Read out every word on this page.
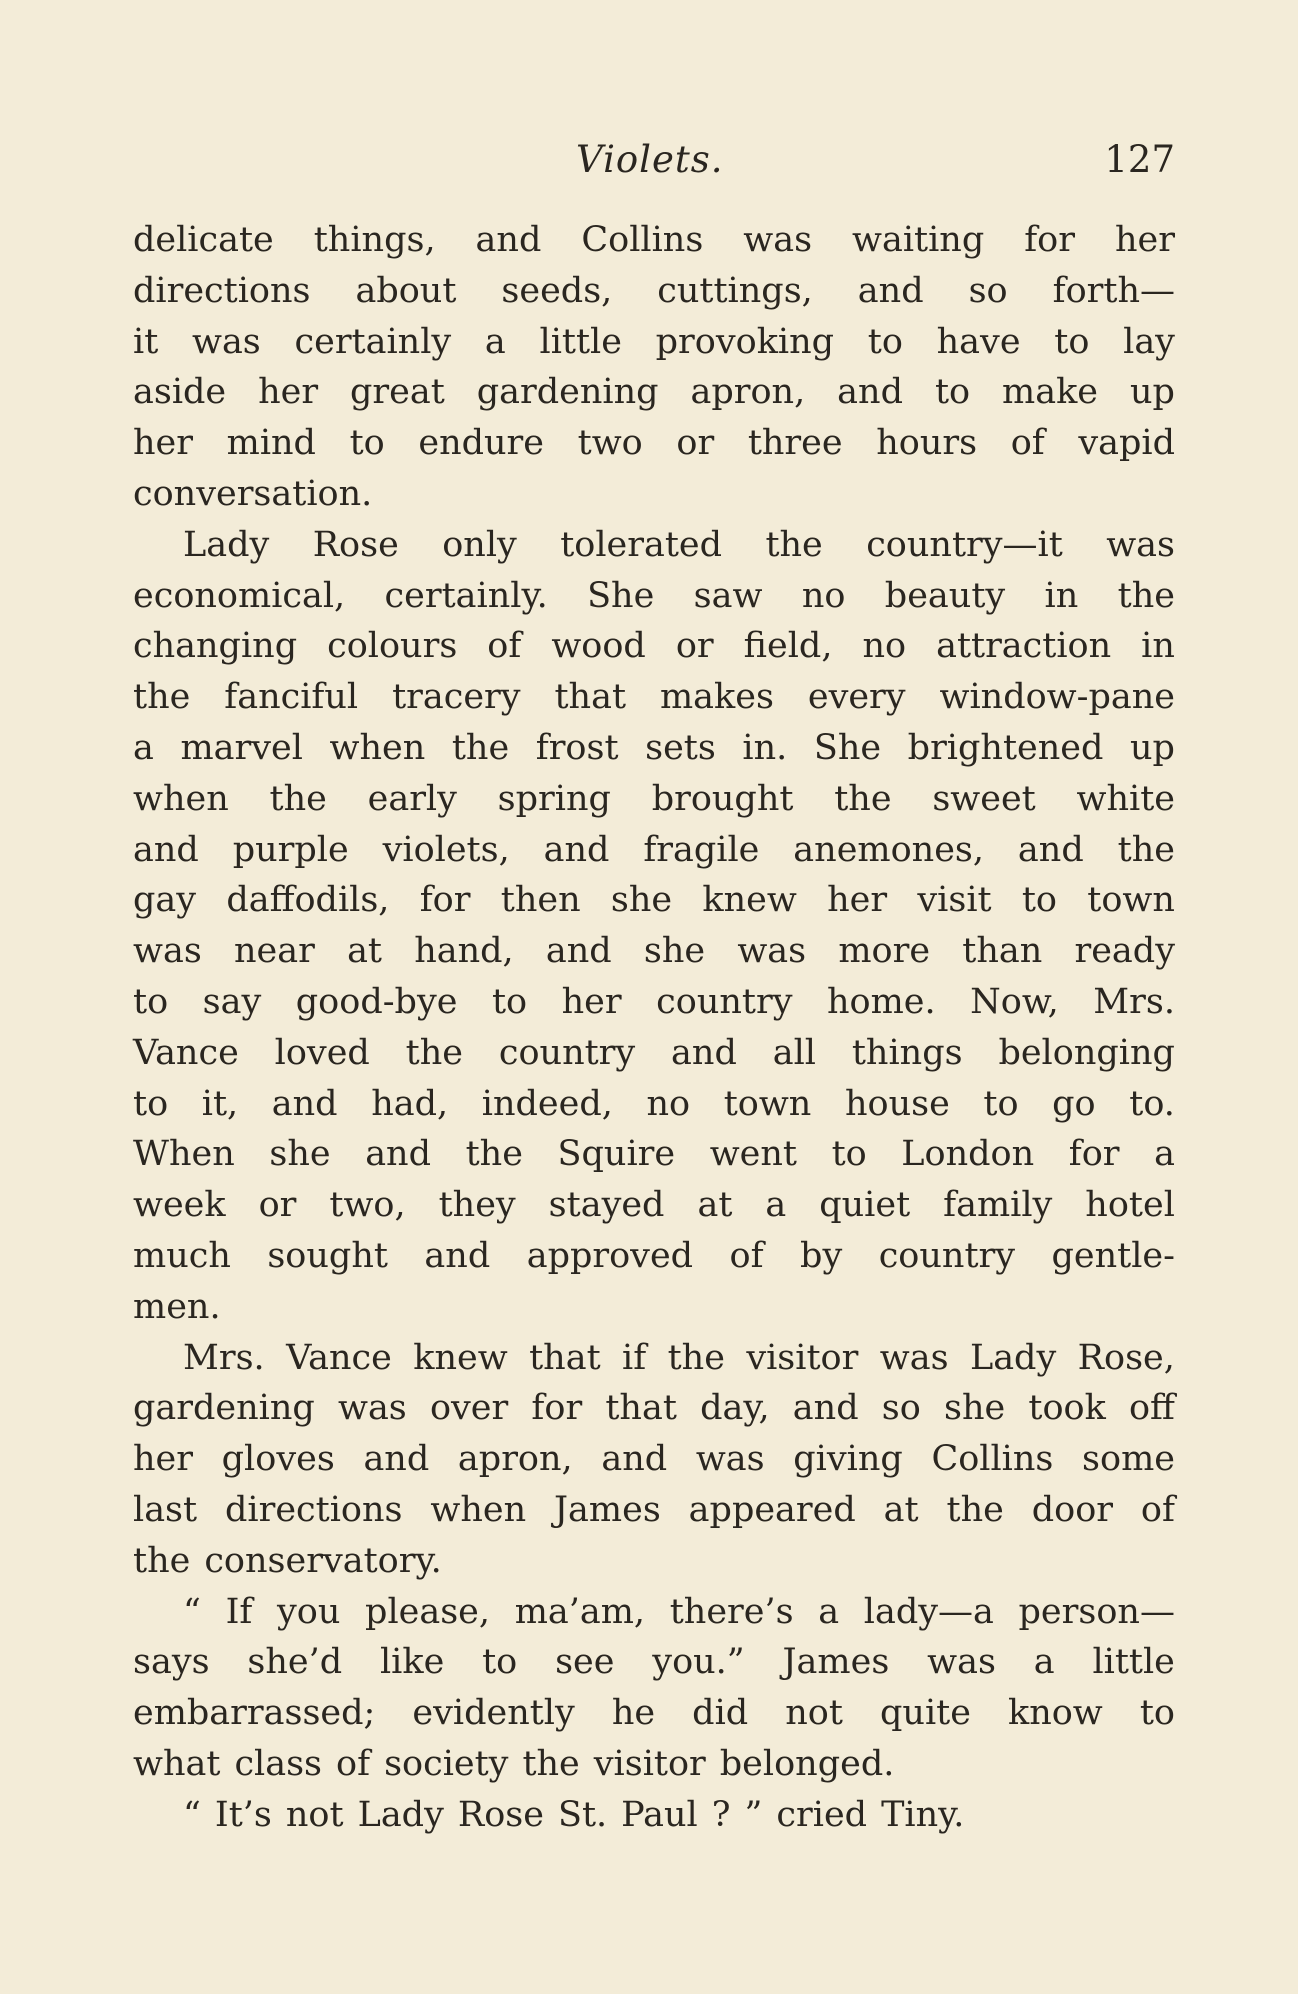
Violets.	127
delicate things, and Collins was waiting for her
directions about seeds, cuttings, and so forth—
it was certainly a little provoking to have to lay
aside her great gardening apron, and to make up
her mind to endure two or three hours of vapid
conversation.
Lady Rose only tolerated the country—it was
economical, certainly. She saw no beauty in the
changing colours of wood or field, no attraction in
the fanciful tracery that makes every window-pane
a marvel when the frost sets in. She brightened up
when the early spring brought the sweet white
and purple violets, and fragile anemones, and the
gay daffodils, for then she knew her visit to town
was near at hand, and she was more than ready
to say good-bye to her country home. Now, Mrs.
Vance loved the country and all things belonging
to it, and had, indeed, no town house to go to.
When she and the Squire went to London for a
week or two, they stayed at a quiet family hotel
much sought and approved of by country gentle-
men.
Mrs. Vance knew that if the visitor was Lady Rose,
gardening was over for that day, and so she took off
her gloves and apron, and was giving Collins some
last directions when James appeared at the door of
the conservatory.
“ If you please, ma’am, there’s a lady—a person—
says she’d like to see you.” James was a little
embarrassed; evidently he did not quite know to
what class of society the visitor belonged.
“ It’s not Lady Rose St. Paul ? ” cried Tiny.
